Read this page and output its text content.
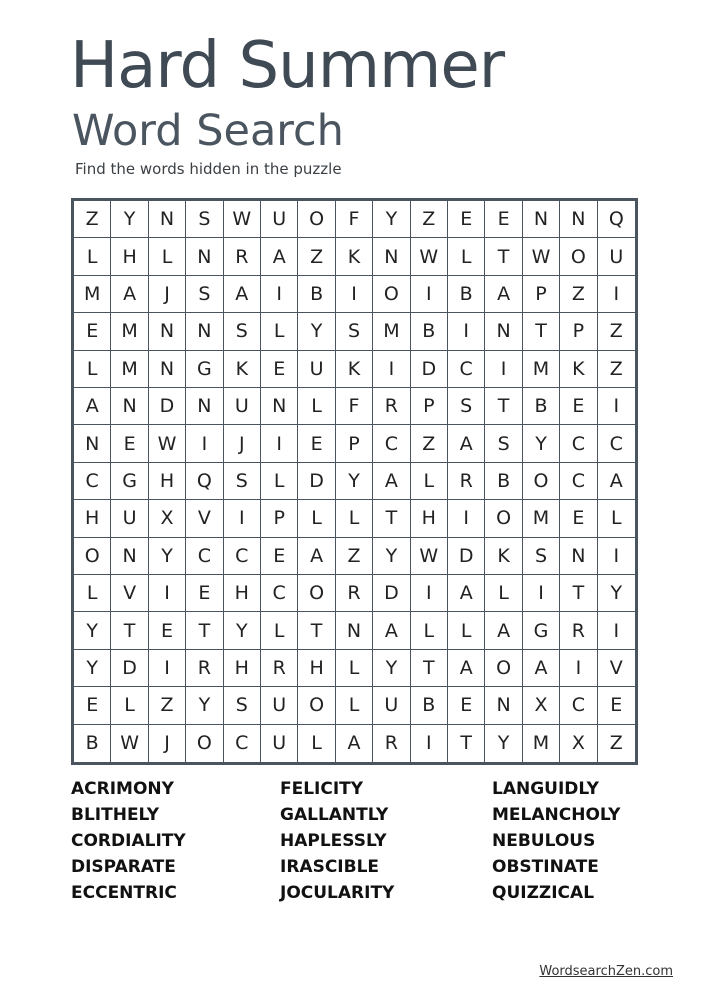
Hard Summer
Word Search

Find the words hidden in the puzzle

Z	Y	N	S	W	U	O	F	Y	Z	E	E	N	N	Q
L	H	L	N	R	A	Z	K	N	W	L	T	W	O	U
M	A	J	S	A	I	B	I	O	I	B	A	P	Z	I
E	M	N	N	S	L	Y	S	M	B	I	N	T	P	Z
L	M	N	G	K	E	U	K	I	D	C	I	M	K	Z
A	N	D	N	U	N	L	F	R	P	S	T	B	E	I
N	E	W	I	J	I	E	P	C	Z	A	S	Y	C	C
C	G	H	Q	S	L	D	Y	A	L	R	B	O	C	A
H	U	X	V	I	P	L	L	T	H	I	O	M	E	L
O	N	Y	C	C	E	A	Z	Y	W	D	K	S	N	I
L	V	I	E	H	C	O	R	D	I	A	L	I	T	Y
Y	T	E	T	Y	L	T	N	A	L	L	A	G	R	I
Y	D	I	R	H	R	H	L	Y	T	A	O	A	I	V
E	L	Z	Y	S	U	O	L	U	B	E	N	X	C	E
B	W	J	O	C	U	L	A	R	I	T	Y	M	X	Z
ACRIMONY
BLITHELY
CORDIALITY
DISPARATE
ECCENTRIC
FELICITY
GALLANTLY
HAPLESSLY
IRASCIBLE
JOCULARITY
LANGUIDLY
MELANCHOLY
NEBULOUS
OBSTINATE
QUIZZICAL
WordsearchZen.com
